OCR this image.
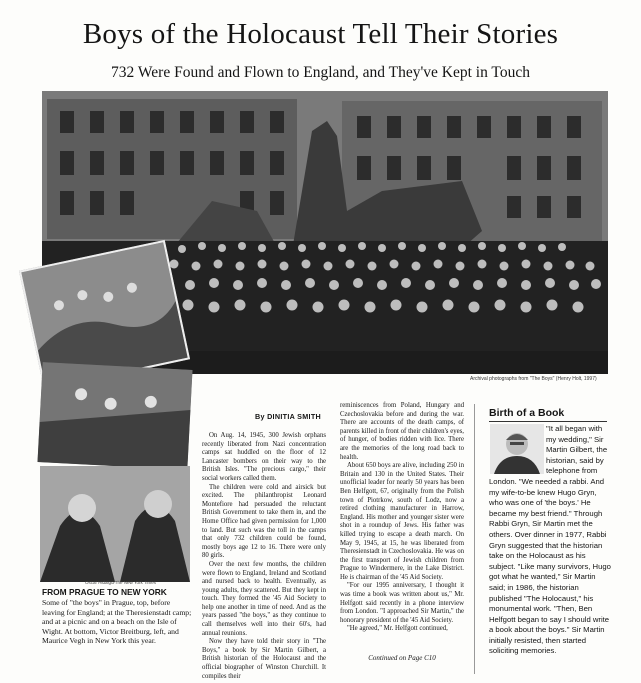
Boys of the Holocaust Tell Their Stories
732 Were Found and Flown to England, and They've Kept in Touch
Archival photographs from "The Boys" (Henry Holt, 1997)
Oscar Hidalgo/The New York Times
FROM PRAGUE TO NEW YORK
Some of "the boys" in Prague, top, before leaving for England; at the Theresienstadt camp; and at a picnic and on a beach on the Isle of Wight. At bottom, Victor Breitburg, left, and Maurice Vegh in New York this year.
By DINITIA SMITH

On Aug. 14, 1945, 300 Jewish orphans recently liberated from Nazi concentration camps sat huddled on the floor of 12 Lancaster bombers on their way to the British Isles. "The precious cargo," their social workers called them.

The children were cold and airsick but excited. The philanthropist Leonard Montefiore had persuaded the reluctant British Government to take them in, and the Home Office had given permission for 1,000 to land. But such was the toll in the camps that only 732 children could be found, mostly boys age 12 to 16. There were only 80 girls.

Over the next few months, the children were flown to England, Ireland and Scotland and nursed back to health. Eventually, as young adults, they scattered. But they kept in touch. They formed the '45 Aid Society to help one another in time of need. And as the years passed "the boys," as they continue to call themselves well into their 60's, had annual reunions.

Now they have told their story in "The Boys," a book by Sir Martin Gilbert, a British historian of the Holocaust and the official biographer of Winston Churchill. It compiles their

reminiscences from Poland, Hungary and Czechoslovakia before and during the war. There are accounts of the death camps, of parents killed in front of their children's eyes, of hunger, of bodies ridden with lice. There are the memories of the long road back to health.

About 650 boys are alive, including 250 in Britain and 130 in the United States. Their unofficial leader for nearly 50 years has been Ben Helfgott, 67, originally from the Polish town of Piotrkow, south of Lodz, now a retired clothing manufacturer in Harrow, England. His mother and younger sister were shot in a roundup of Jews. His father was killed trying to escape a death march. On May 9, 1945, at 15, he was liberated from Theresienstadt in Czechoslovakia. He was on the first transport of Jewish children from Prague to Windermere, in the Lake District. He is chairman of the '45 Aid Society.

"For our 1995 anniversary, I thought it was time a book was written about us," Mr. Helfgott said recently in a phone interview from London. "I approached Sir Martin," the honorary president of the '45 Aid Society.

"He agreed," Mr. Helfgott continued,

Continued on Page C10
Birth of a Book
"It all began with my wedding," Sir Martin Gilbert, the historian, said by telephone from London. "We needed a rabbi. And my wife-to-be knew Hugo Gryn, who was one of 'the boys.' He became my best friend." Through Rabbi Gryn, Sir Martin met the others. Over dinner in 1977, Rabbi Gryn suggested that the historian take on the Holocaust as his subject. "Like many survivors, Hugo got what he wanted," Sir Martin said; in 1986, the historian published "The Holocaust," his monumental work. "Then, Ben Helfgott began to say I should write a book about the boys." Sir Martin initially resisted, then started soliciting memories.
